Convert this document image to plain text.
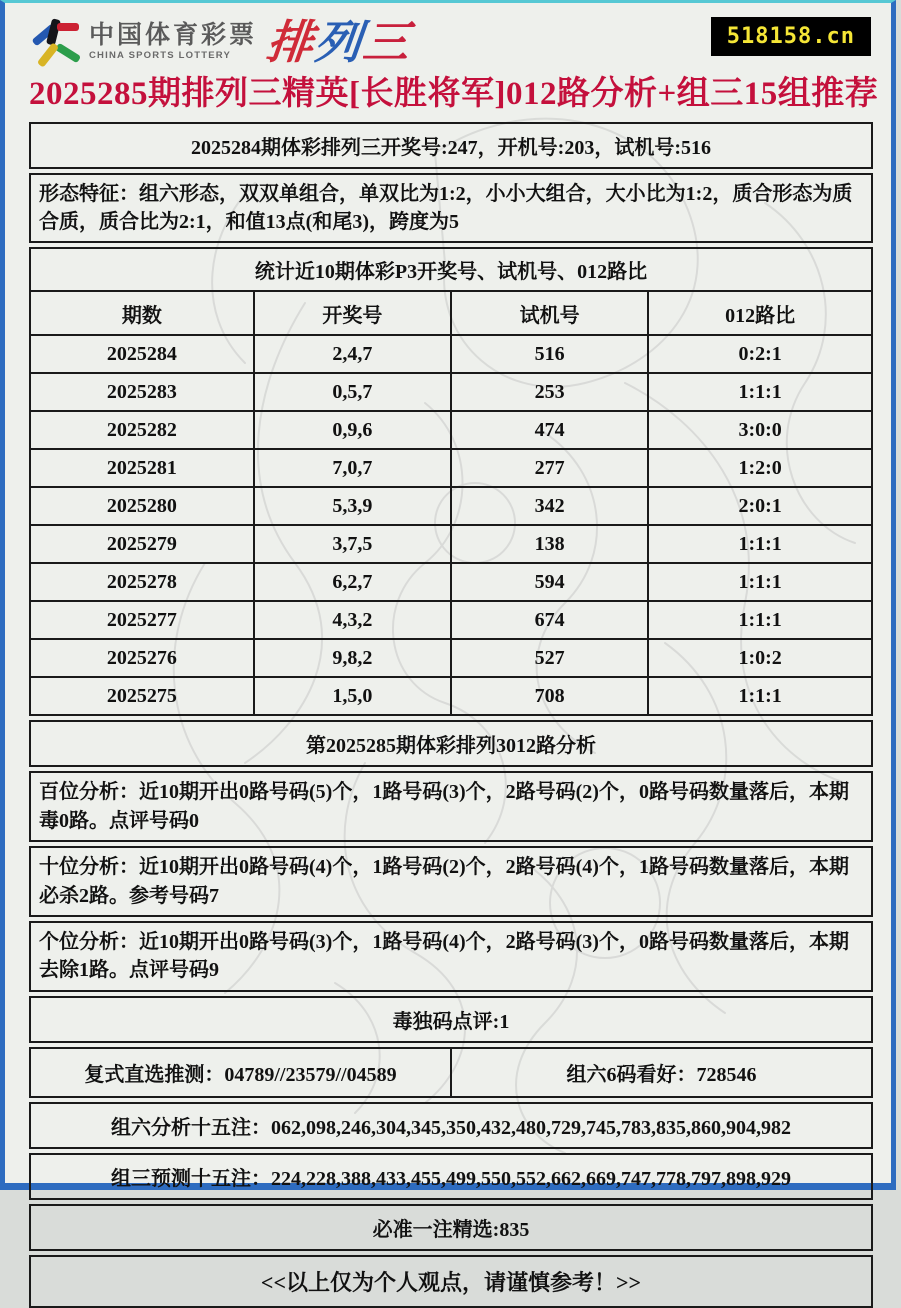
中国体育彩票
CHINA SPORTS LOTTERY 排列三	518158.cn
2025285期排列三精英[长胜将军]012路分析+组三15组推荐
2025284期体彩排列三开奖号:247，开机号:203，试机号:516
形态特征：组六形态，双双单组合，单双比为1:2，小小大组合，大小比为1:2，质合形态为质合质，质合比为2:1，和值13点(和尾3)，跨度为5
统计近10期体彩P3开奖号、试机号、012路比
期数	开奖号	试机号	012路比
2025284	2,4,7	516	0:2:1
2025283	0,5,7	253	1:1:1
2025282	0,9,6	474	3:0:0
2025281	7,0,7	277	1:2:0
2025280	5,3,9	342	2:0:1
2025279	3,7,5	138	1:1:1
2025278	6,2,7	594	1:1:1
2025277	4,3,2	674	1:1:1
2025276	9,8,2	527	1:0:2
2025275	1,5,0	708	1:1:1
第2025285期体彩排列3012路分析
百位分析：近10期开出0路号码(5)个，1路号码(3)个，2路号码(2)个，0路号码数量落后，本期毒0路。点评号码0
十位分析：近10期开出0路号码(4)个，1路号码(2)个，2路号码(4)个，1路号码数量落后，本期必杀2路。参考号码7
个位分析：近10期开出0路号码(3)个，1路号码(4)个，2路号码(3)个，0路号码数量落后，本期去除1路。点评号码9
毒独码点评:1
复式直选推测：04789//23579//04589	组六6码看好：728546
组六分析十五注：062,098,246,304,345,350,432,480,729,745,783,835,860,904,982
组三预测十五注：224,228,388,433,455,499,550,552,662,669,747,778,797,898,929
必准一注精选:835
<<以上仅为个人观点，请谨慎参考！>>
